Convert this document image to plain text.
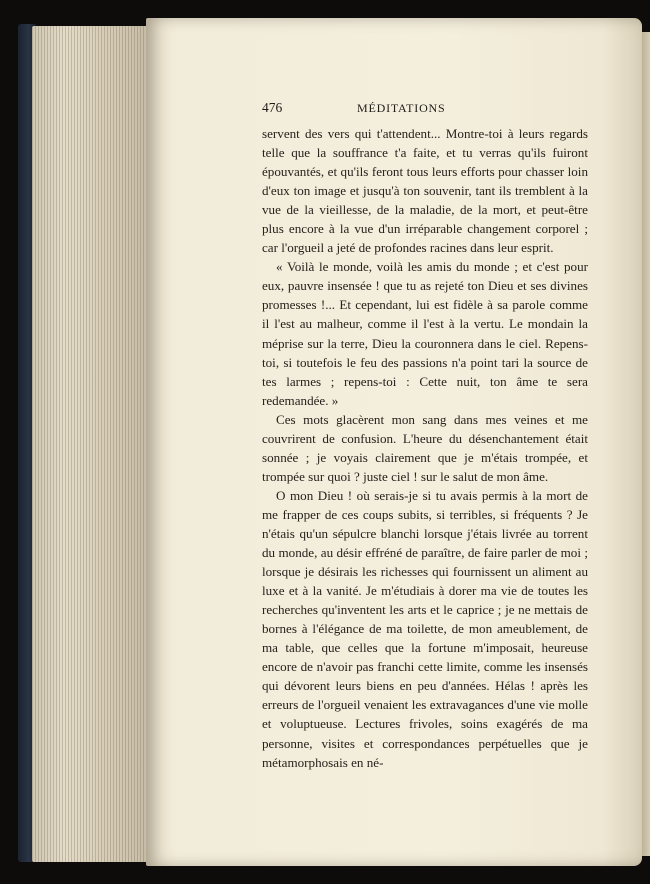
476	MÉDITATIONS

servent des vers qui t'attendent... Montre-toi à leurs regards telle que la souffrance t'a faite, et tu verras qu'ils fuiront épouvantés, et qu'ils feront tous leurs efforts pour chasser loin d'eux ton image et jusqu'à ton souvenir, tant ils tremblent à la vue de la vieillesse, de la maladie, de la mort, et peut-être plus encore à la vue d'un irréparable changement corporel ; car l'orgueil a jeté de profondes racines dans leur esprit.

« Voilà le monde, voilà les amis du monde ; et c'est pour eux, pauvre insensée ! que tu as rejeté ton Dieu et ses divines promesses !... Et cependant, lui est fidèle à sa parole comme il l'est au malheur, comme il l'est à la vertu. Le mondain la méprise sur la terre, Dieu la couronnera dans le ciel. Repens-toi, si toutefois le feu des passions n'a point tari la source de tes larmes ; repens-toi : Cette nuit, ton âme te sera redemandée. »

Ces mots glacèrent mon sang dans mes veines et me couvrirent de confusion. L'heure du désenchantement était sonnée ; je voyais clairement que je m'étais trompée, et trompée sur quoi ? juste ciel ! sur le salut de mon âme.

O mon Dieu ! où serais-je si tu avais permis à la mort de me frapper de ces coups subits, si terribles, si fréquents ? Je n'étais qu'un sépulcre blanchi lorsque j'étais livrée au torrent du monde, au désir effréné de paraître, de faire parler de moi ; lorsque je désirais les richesses qui fournissent un aliment au luxe et à la vanité. Je m'étudiais à dorer ma vie de toutes les recherches qu'inventent les arts et le caprice ; je ne mettais de bornes à l'élégance de ma toilette, de mon ameublement, de ma table, que celles que la fortune m'imposait, heureuse encore de n'avoir pas franchi cette limite, comme les insensés qui dévorent leurs biens en peu d'années. Hélas ! après les erreurs de l'orgueil venaient les extravagances d'une vie molle et voluptueuse. Lectures frivoles, soins exagérés de ma personne, visites et correspondances perpétuelles que je métamorphosais en né-
